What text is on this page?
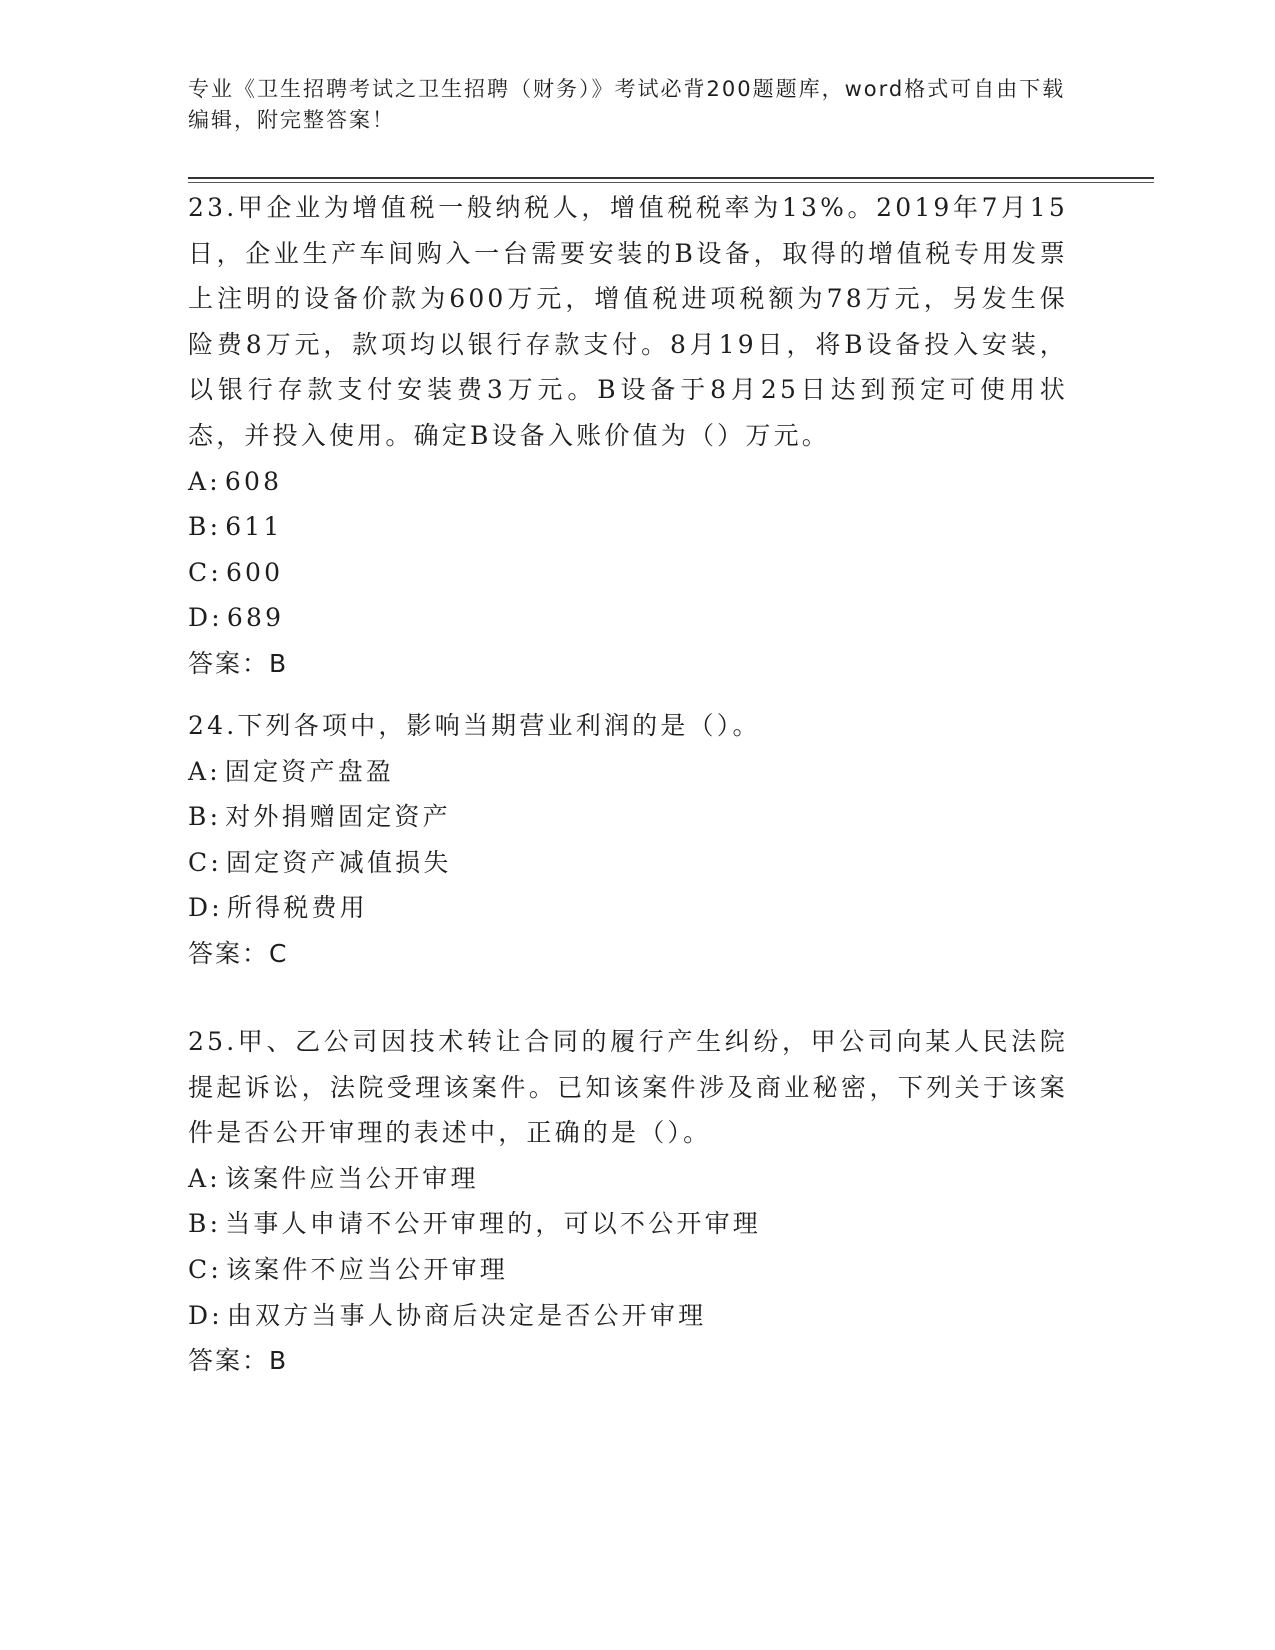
专业《卫生招聘考试之卫生招聘（财务）》考试必背200题题库，word格式可自由下载编辑，附完整答案！

23.甲企业为增值税一般纳税人，增值税税率为13%。2019年7月15日，企业生产车间购入一台需要安装的B设备，取得的增值税专用发票上注明的设备价款为600万元，增值税进项税额为78万元，另发生保险费8万元，款项均以银行存款支付。8月19日，将B设备投入安装，以银行存款支付安装费3万元。B设备于8月25日达到预定可使用状态，并投入使用。确定B设备入账价值为（）万元。

A: 608

B: 611

C: 600

D: 689

答案：B

24.下列各项中，影响当期营业利润的是（）。

A: 固定资产盘盈

B: 对外捐赠固定资产

C: 固定资产减值损失

D: 所得税费用

答案：C

25.甲、乙公司因技术转让合同的履行产生纠纷，甲公司向某人民法院提起诉讼，法院受理该案件。已知该案件涉及商业秘密，下列关于该案件是否公开审理的表述中，正确的是（）。

A: 该案件应当公开审理

B: 当事人申请不公开审理的，可以不公开审理

C: 该案件不应当公开审理

D: 由双方当事人协商后决定是否公开审理

答案：B
